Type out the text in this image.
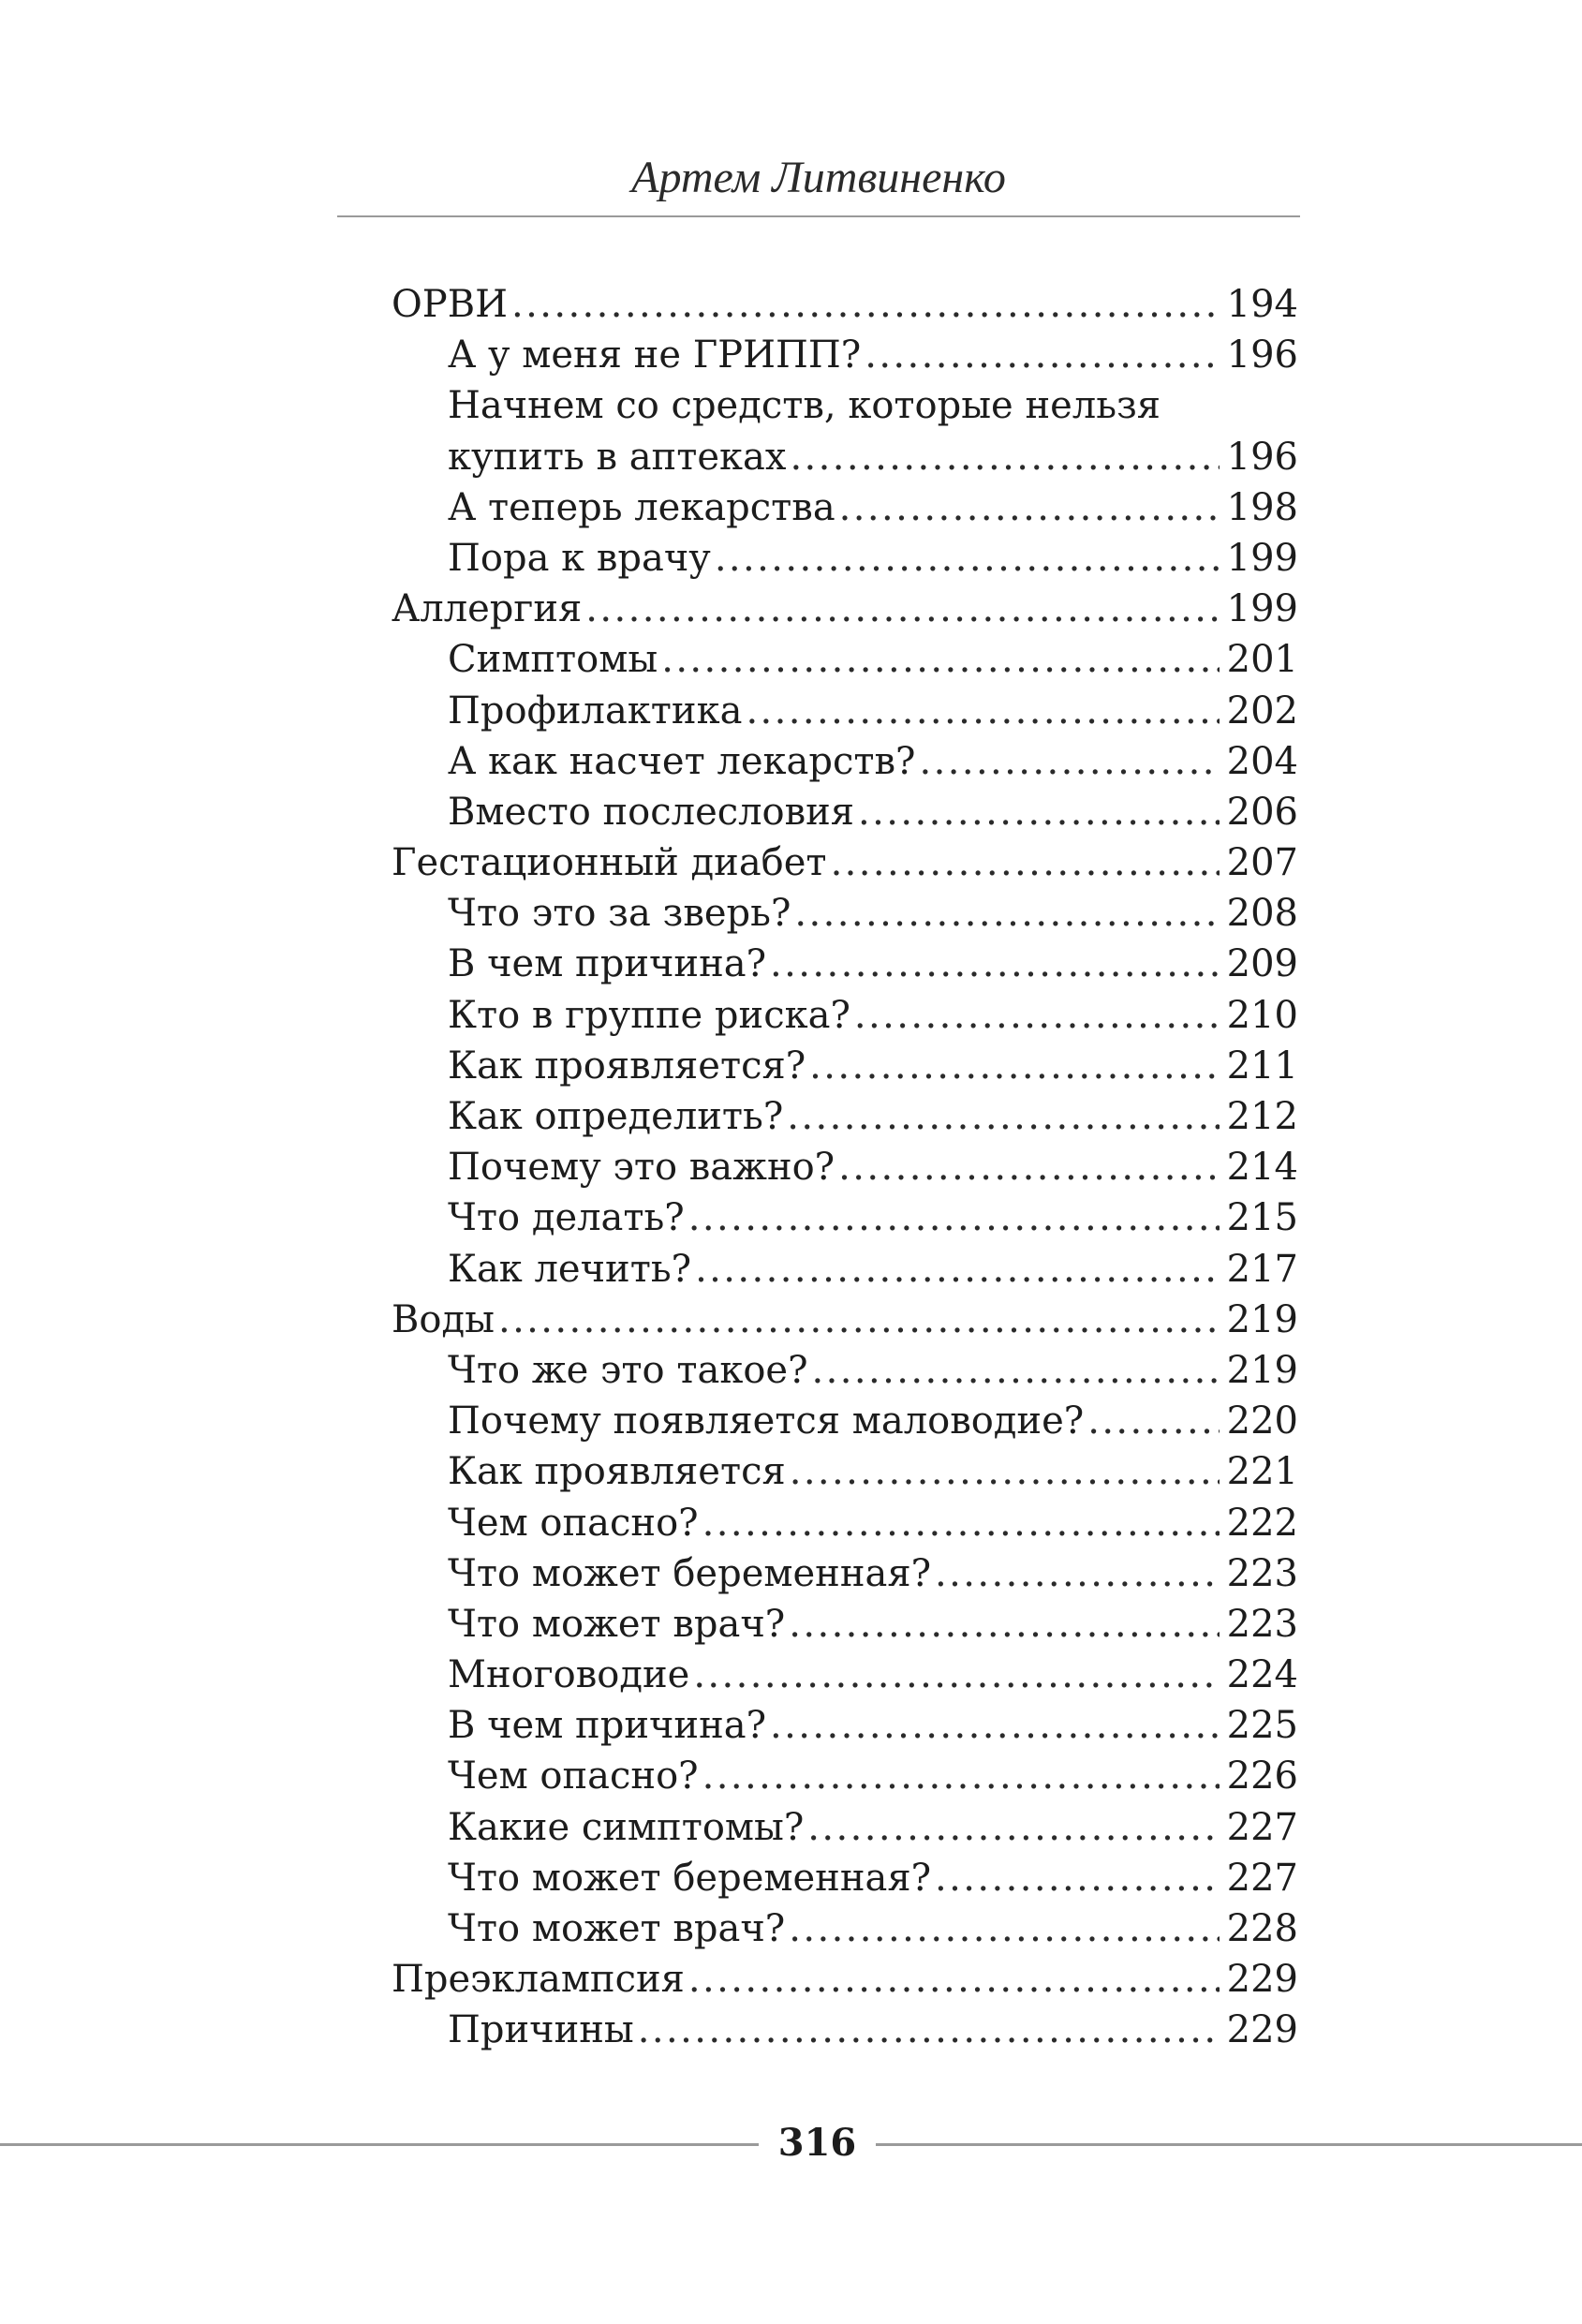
Артем Литвиненко
ОРВИ .....	194
А у меня не ГРИПП? .....	196
Начнем со средств, которые нельзя
купить в аптеках .....	196
А теперь лекарства .....	198
Пора к врачу .....	199
Аллергия .....	199
Симптомы .....	201
Профилактика .....	202
А как насчет лекарств? .....	204
Вместо послесловия .....	206
Гестационный диабет .....	207
Что это за зверь? .....	208
В чем причина? .....	209
Кто в группе риска? .....	210
Как проявляется? .....	211
Как определить? .....	212
Почему это важно? .....	214
Что делать? .....	215
Как лечить? .....	217
Воды .....	219
Что же это такое? .....	219
Почему появляется маловодие? .....	220
Как проявляется .....	221
Чем опасно? .....	222
Что может беременная? .....	223
Что может врач? .....	223
Многоводие .....	224
В чем причина? .....	225
Чем опасно? .....	226
Какие симптомы? .....	227
Что может беременная? .....	227
Что может врач? .....	228
Преэклампсия .....	229
Причины .....	229
316
